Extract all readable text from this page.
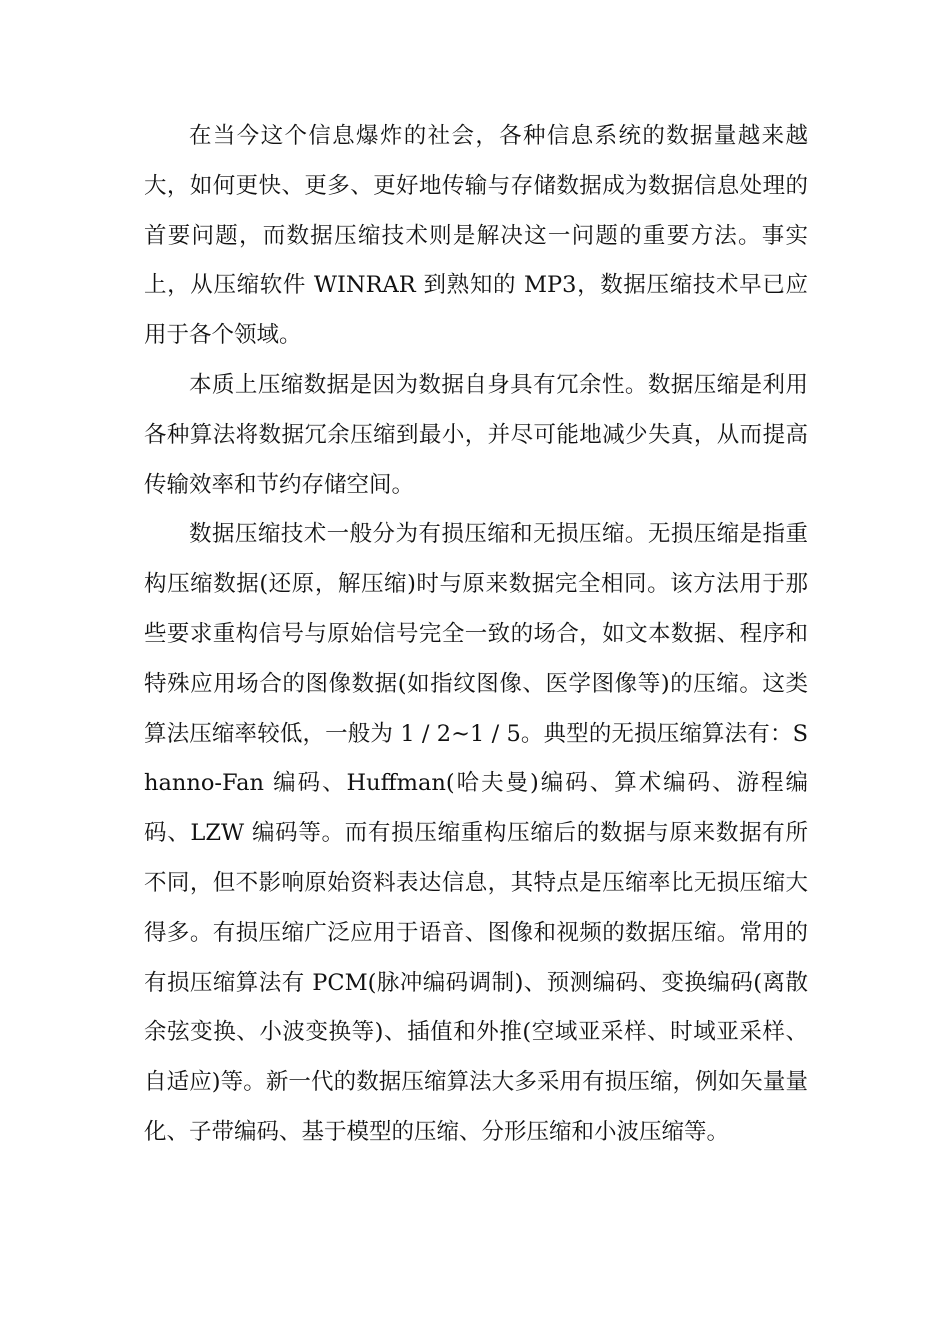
在当今这个信息爆炸的社会，各种信息系统的数据量越来越大，如何更快、更多、更好地传输与存储数据成为数据信息处理的首要问题，而数据压缩技术则是解决这一问题的重要方法。事实上，从压缩软件 WINRAR 到熟知的 MP3，数据压缩技术早已应用于各个领域。

本质上压缩数据是因为数据自身具有冗余性。数据压缩是利用各种算法将数据冗余压缩到最小，并尽可能地减少失真，从而提高传输效率和节约存储空间。

数据压缩技术一般分为有损压缩和无损压缩。无损压缩是指重构压缩数据(还原，解压缩)时与原来数据完全相同。该方法用于那些要求重构信号与原始信号完全一致的场合，如文本数据、程序和特殊应用场合的图像数据(如指纹图像、医学图像等)的压缩。这类算法压缩率较低，一般为 1 / 2~1 / 5。典型的无损压缩算法有：Shanno-Fan 编码、Huffman(哈夫曼)编码、算术编码、游程编码、LZW 编码等。而有损压缩重构压缩后的数据与原来数据有所不同，但不影响原始资料表达信息，其特点是压缩率比无损压缩大得多。有损压缩广泛应用于语音、图像和视频的数据压缩。常用的有损压缩算法有 PCM(脉冲编码调制)、预测编码、变换编码(离散余弦变换、小波变换等)、插值和外推(空域亚采样、时域亚采样、自适应)等。新一代的数据压缩算法大多采用有损压缩，例如矢量量化、子带编码、基于模型的压缩、分形压缩和小波压缩等。
